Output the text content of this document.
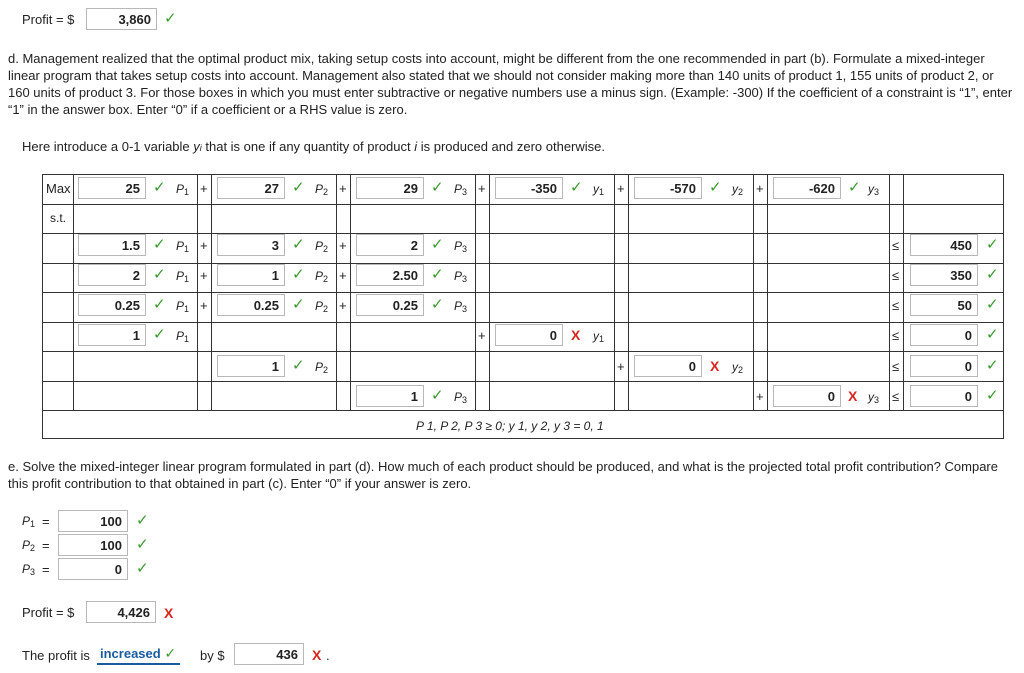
Profit = $	3,860 ✓
d. Management realized that the optimal product mix, taking setup costs into account, might be different from the one recommended in part (b). Formulate a mixed-integer linear program that takes setup costs into account. Management also stated that we should not consider making more than 140 units of product 1, 155 units of product 2, or 160 units of product 3. For those boxes in which you must enter subtractive or negative numbers use a minus sign. (Example: -300) If the coefficient of a constraint is “1”, enter “1” in the answer box. Enter “0” if a coefficient or a RHS value is zero.
Here introduce a 0-1 variable yi that is one if any quantity of product i is produced and zero otherwise.
Max
s.t.
25 ✓ $P_1$ +	27 ✓ $P_2$ +	29 ✓ $P_3$ +	-350 ✓ $y_1$ +	-570 ✓ $y_2$ +	-620 ✓ $y_3$
1.5 ✓ $P_1$ +	3 ✓ $P_2$ +	2 ✓ $P_3$	≤	450 ✓
2 ✓ $P_1$ +	1 ✓ $P_2$ +	2.50 ✓ $P_3$	≤	350 ✓
0.25 ✓ $P_1$ +	0.25 ✓ $P_2$ +	0.25 ✓ $P_3$	≤	50 ✓
1 ✓ $P_1$	+	0	X $y_1$	≤	0 ✓
1 ✓ $P_2$	+	0	X $y_2$	≤	0 ✓
1 ✓ $P_3$	+	0 X $y_3$ ≤	0 ✓
P 1, P 2, P 3 ≥ 0; y 1, y 2, y 3 = 0, 1
e. Solve the mixed-integer linear program formulated in part (d). How much of each product should be produced, and what is the projected total profit contribution? Compare this profit contribution to that obtained in part (c). Enter “0” if your answer is zero.
$P_1$ =	100 ✓
$P_2$ =	100 ✓
$P_3$ =	0 ✓
Profit = $	4,426	X
The profit is increased ✓	by $	436	X .
